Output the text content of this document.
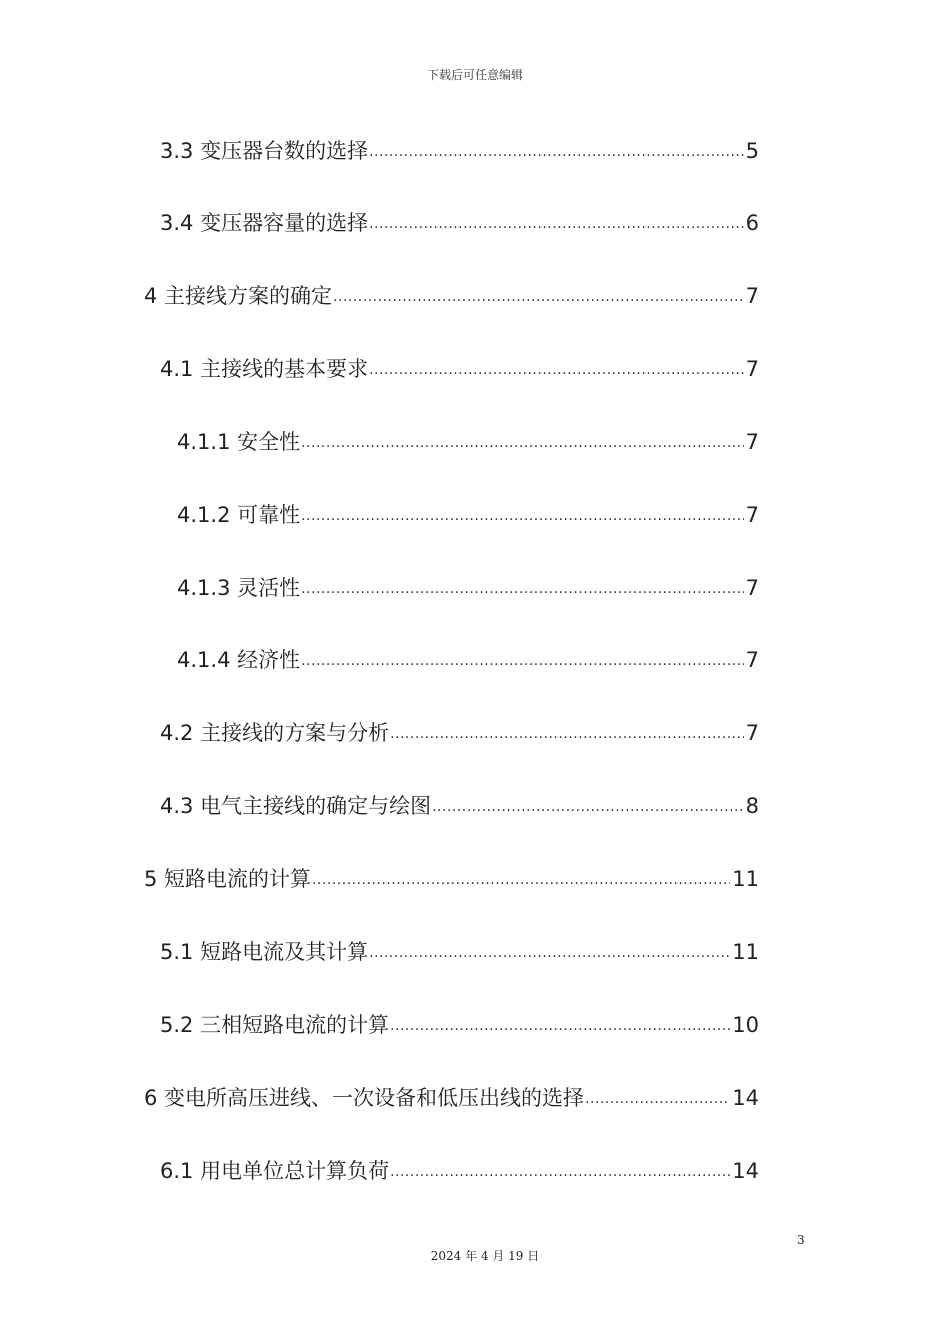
下载后可任意编辑
3.3 变压器台数的选择 .....	5
3.4 变压器容量的选择 .....	6
4 主接线方案的确定 .....	7
4.1 主接线的基本要求 .....	7
4.1.1 安全性 .....	7
4.1.2 可靠性 .....	7
4.1.3 灵活性 .....	7
4.1.4 经济性 .....	7
4.2 主接线的方案与分析 .....	7
4.3 电气主接线的确定与绘图 .....	8
5 短路电流的计算 .....	11
5.1 短路电流及其计算 .....	11
5.2 三相短路电流的计算 .....	10
6 变电所高压进线、一次设备和低压出线的选择 .....	14
6.1 用电单位总计算负荷 .....	14
3
2024 年 4 月 19 日
